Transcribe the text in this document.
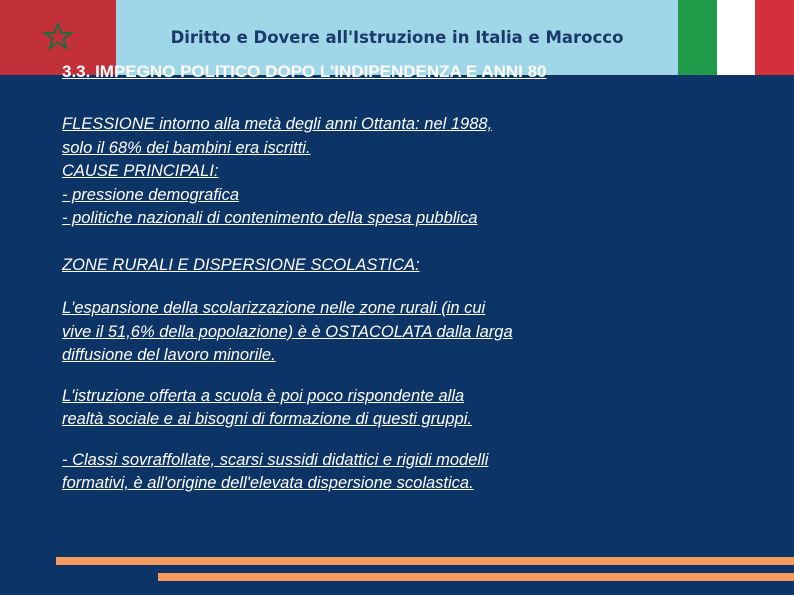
Diritto e Dovere all'Istruzione in Italia e Marocco
3.3. IMPEGNO POLITICO DOPO L'INDIPENDENZA E ANNI 80
FLESSIONE intorno alla metà degli anni Ottanta: nel 1988,
solo il 68% dei bambini era iscritti.
CAUSE PRINCIPALI:
- pressione demografica
- politiche nazionali di contenimento della spesa pubblica
ZONE RURALI E DISPERSIONE SCOLASTICA:
L'espansione della scolarizzazione nelle zone rurali (in cui
vive il 51,6% della popolazione) è è OSTACOLATA dalla larga
diffusione del lavoro minorile.
L'istruzione offerta a scuola è poi poco rispondente alla
realtà sociale e ai bisogni di formazione di questi gruppi.
- Classi sovraffollate, scarsi sussidi didattici e rigidi modelli
formativi, è all'origine dell'elevata dispersione scolastica.
